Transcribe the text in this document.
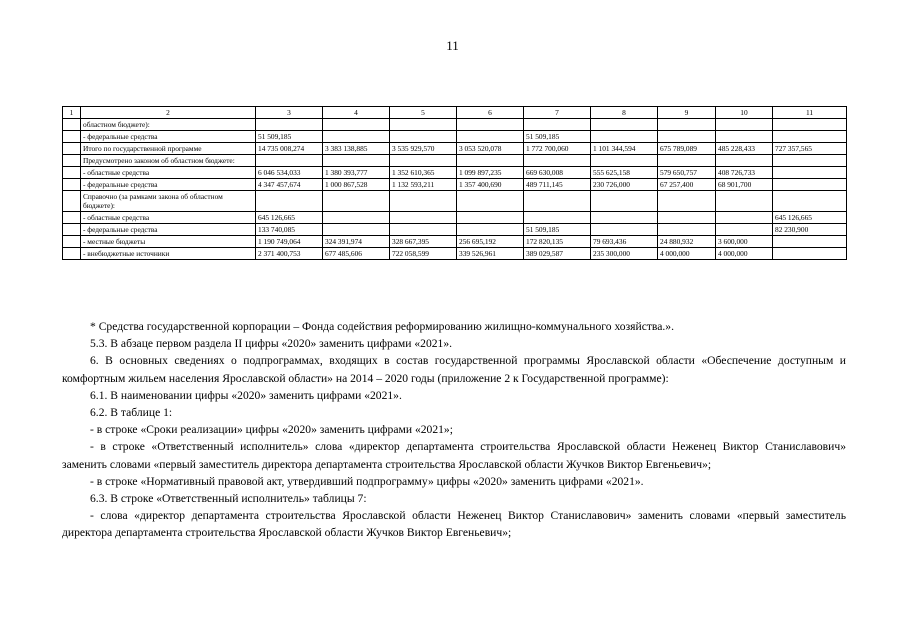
11
1	2	3	4	5	6	7	8	9	10	11
	областном бюджете):									
	- федеральные средства	51 509,185				51 509,185				
	Итого по государственной программе	14 735 008,274	3 383 138,885	3 535 929,570	3 053 520,078	1 772 700,060	1 101 344,594	675 789,089	485 228,433	727 357,565
	Предусмотрено законом об областном бюджете:									
	- областные средства	6 046 534,033	1 380 393,777	1 352 610,365	1 099 897,235	669 630,008	555 625,158	579 650,757	408 726,733	
	- федеральные средства	4 347 457,674	1 000 867,528	1 132 593,211	1 357 400,690	489 711,145	230 726,000	67 257,400	68 901,700	
	Справочно (за рамками закона об областном бюджете):									
	- областные средства	645 126,665								645 126,665
	- федеральные средства	133 740,085				51 509,185				82 230,900
	- местные бюджеты	1 190 749,064	324 391,974	328 667,395	256 695,192	172 820,135	79 693,436	24 880,932	3 600,000	
	- внебюджетные источники	2 371 400,753	677 485,606	722 058,599	339 526,961	389 029,587	235 300,000	4 000,000	4 000,000	

* Средства государственной корпорации – Фонда содействия реформированию жилищно-коммунального хозяйства.».

5.3. В абзаце первом раздела II цифры «2020» заменить цифрами «2021».

6. В основных сведениях о подпрограммах, входящих в состав государственной программы Ярославской области «Обеспечение доступным и комфортным жильем населения Ярославской области» на 2014 – 2020 годы (приложение 2 к Государственной программе):

6.1. В наименовании цифры «2020» заменить цифрами «2021».

6.2. В таблице 1:

- в строке «Сроки реализации» цифры «2020» заменить цифрами «2021»;

- в строке «Ответственный исполнитель» слова «директор департамента строительства Ярославской области Неженец Виктор Станиславович» заменить словами «первый заместитель директора департамента строительства Ярославской области Жучков Виктор Евгеньевич»;

- в строке «Нормативный правовой акт, утвердивший подпрограмму» цифры «2020» заменить цифрами «2021».

6.3. В строке «Ответственный исполнитель» таблицы 7:

- слова «директор департамента строительства Ярославской области Неженец Виктор Станиславович» заменить словами «первый заместитель директора департамента строительства Ярославской области Жучков Виктор Евгеньевич»;
